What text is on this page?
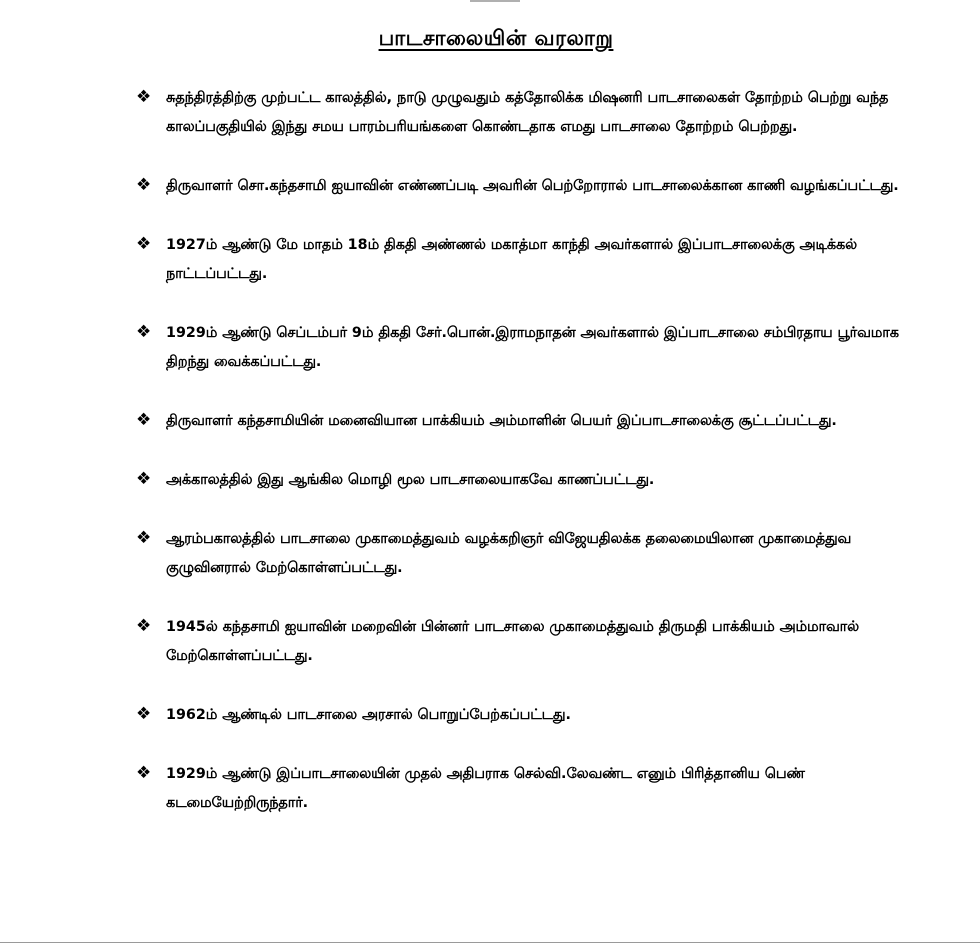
பாடசாலையின் வரலாறு
❖ சுதந்திரத்திற்கு முற்பட்ட காலத்தில், நாடு முழுவதும் கத்தோலிக்க மிஷனரி பாடசாலைகள் தோற்றம் பெற்று வந்த காலப்பகுதியில் இந்து சமய பாரம்பரியங்களை கொண்டதாக எமது பாடசாலை தோற்றம் பெற்றது.
❖ திருவாளர் சொ.கந்தசாமி ஐயாவின் எண்ணப்படி அவரின் பெற்றோரால் பாடசாலைக்கான காணி வழங்கப்பட்டது.
❖ 1927ம் ஆண்டு மே மாதம் 18ம் திகதி அண்ணல் மகாத்மா காந்தி அவர்களால் இப்பாடசாலைக்கு அடிக்கல் நாட்டப்பட்டது.
❖ 1929ம் ஆண்டு செப்டம்பர் 9ம் திகதி சேர்.பொன்.இராமநாதன் அவர்களால் இப்பாடசாலை சம்பிரதாய பூர்வமாக திறந்து வைக்கப்பட்டது.
❖ திருவாளர் கந்தசாமியின் மனைவியான பாக்கியம் அம்மாளின் பெயர் இப்பாடசாலைக்கு சூட்டப்பட்டது.
❖ அக்காலத்தில் இது ஆங்கில மொழி மூல பாடசாலையாகவே காணப்பட்டது.
❖ ஆரம்பகாலத்தில் பாடசாலை முகாமைத்துவம் வழக்கறிஞர் விஜேயதிலக்க தலைமையிலான முகாமைத்துவ குழுவினரால் மேற்கொள்ளப்பட்டது.
❖ 1945ல் கந்தசாமி ஐயாவின் மறைவின் பின்னர் பாடசாலை முகாமைத்துவம் திருமதி பாக்கியம் அம்மாவால் மேற்கொள்ளப்பட்டது.
❖ 1962ம் ஆண்டில் பாடசாலை அரசால் பொறுப்பேற்கப்பட்டது.
❖ 1929ம் ஆண்டு இப்பாடசாலையின் முதல் அதிபராக செல்வி.லேவண்ட எனும் பிரித்தானிய பெண் கடமையேற்றிருந்தார்.
